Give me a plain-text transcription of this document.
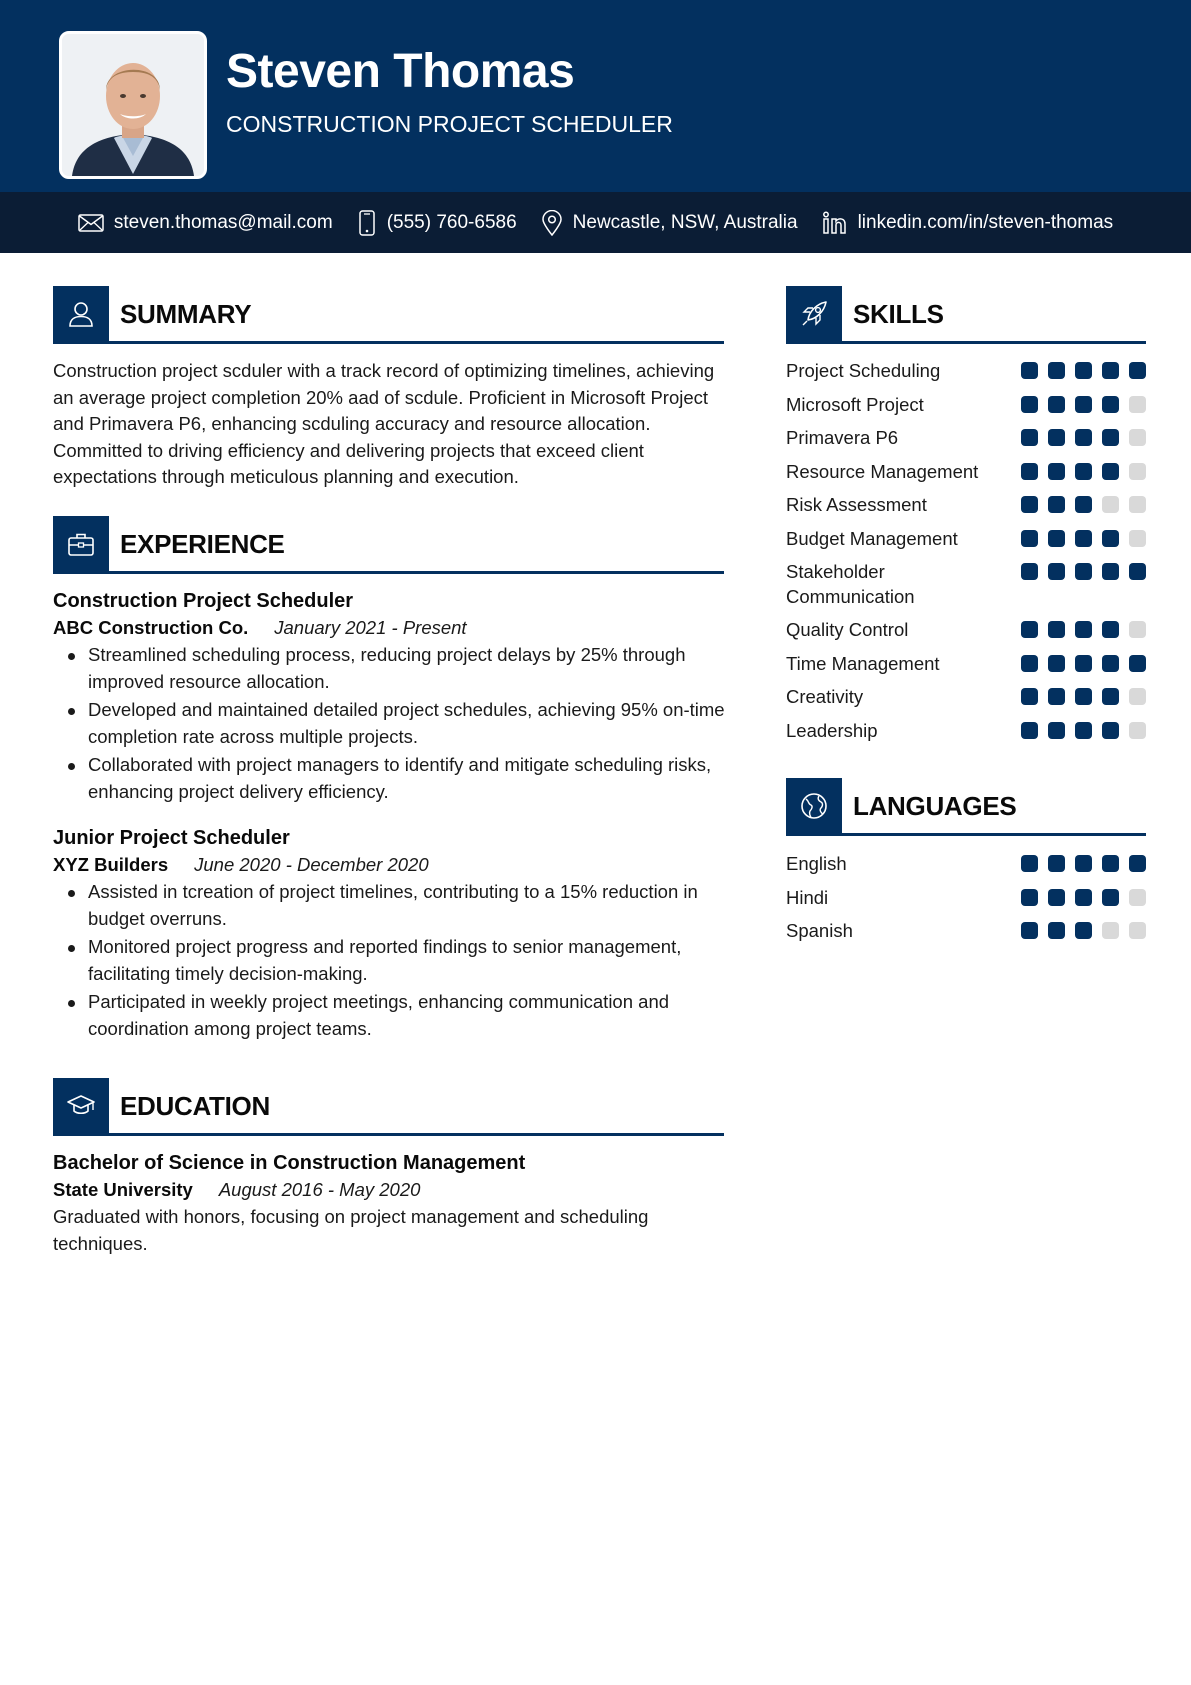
Steven Thomas
CONSTRUCTION PROJECT SCHEDULER
steven.thomas@mail.com	(555) 760-6586	Newcastle, NSW, Australia	linkedin.com/in/steven-thomas
SUMMARY
Construction project scduler with a track record of optimizing timelines, achieving an average project completion 20% aad of scdule. Proficient in Microsoft Project and Primavera P6, enhancing scduling accuracy and resource allocation. Committed to driving efficiency and delivering projects that exceed client expectations through meticulous planning and execution.
EXPERIENCE
Construction Project Scheduler
ABC Construction Co. January 2021 - Present
Streamlined scheduling process, reducing project delays by 25% through improved resource allocation.
Developed and maintained detailed project schedules, achieving 95% on-time completion rate across multiple projects.
Collaborated with project managers to identify and mitigate scheduling risks, enhancing project delivery efficiency.
Junior Project Scheduler
XYZ Builders June 2020 - December 2020
Assisted in tcreation of project timelines, contributing to a 15% reduction in budget overruns.
Monitored project progress and reported findings to senior management, facilitating timely decision-making.
Participated in weekly project meetings, enhancing communication and coordination among project teams.
EDUCATION
Bachelor of Science in Construction Management
State University August 2016 - May 2020
Graduated with honors, focusing on project management and scheduling techniques.
SKILLS
Project Scheduling
Microsoft Project
Primavera P6
Resource Management
Risk Assessment
Budget Management
Stakeholder Communication
Quality Control
Time Management
Creativity
Leadership
LANGUAGES
English
Hindi
Spanish
